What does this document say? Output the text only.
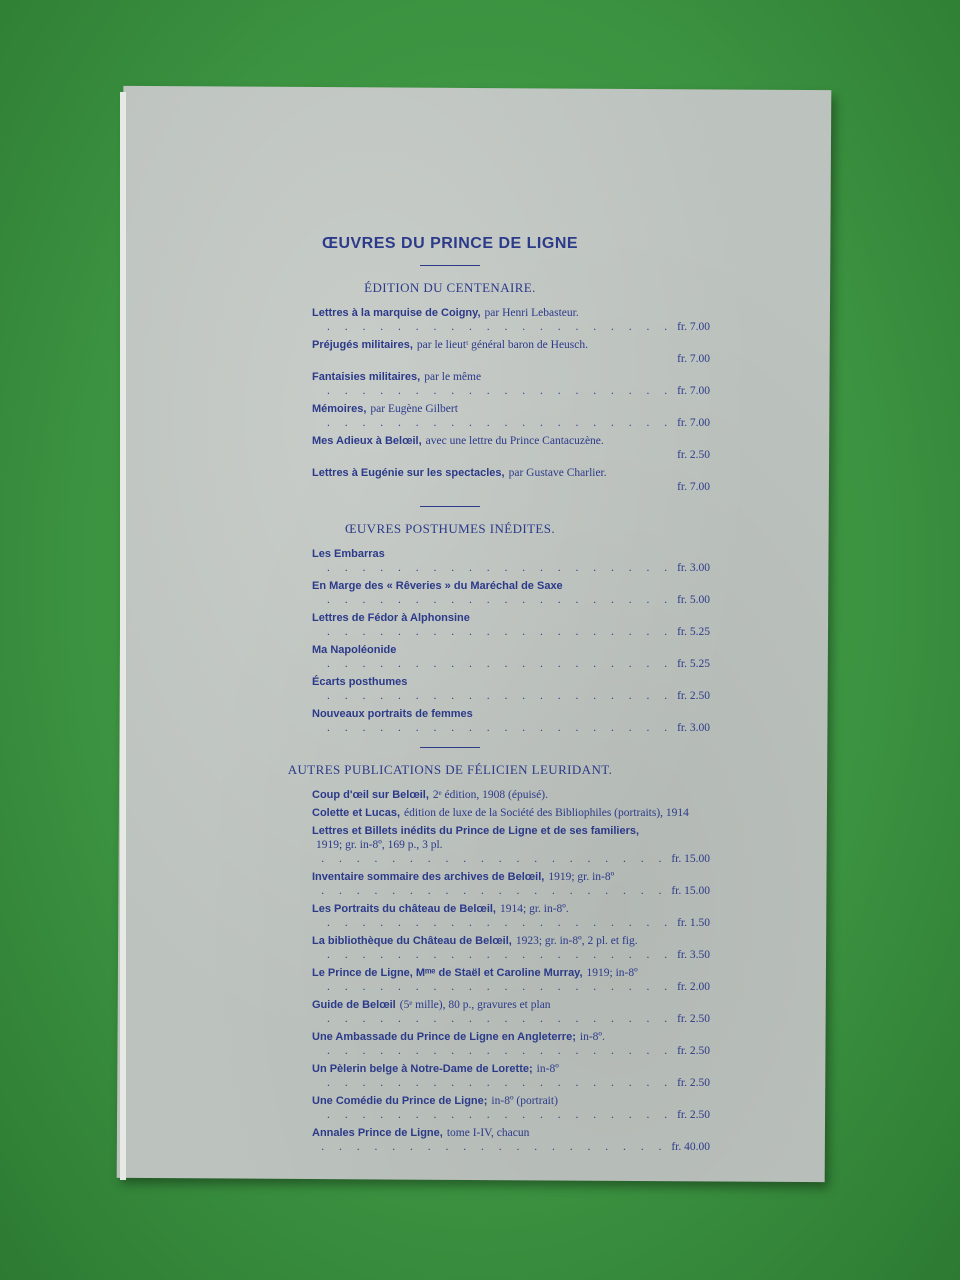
ŒUVRES DU PRINCE DE LIGNE
ÉDITION DU CENTENAIRE.
Lettres à la marquise de Coigny, par Henri Lebasteur.
. . . . . . . . . . . . . . . . . . . . fr. 7.00
Préjugés militaires, par le lieutᵗ général baron de Heusch.
fr. 7.00
Fantaisies militaires, par le même
. . . . . . . . . . . . . . . . . . . . fr. 7.00
Mémoires, par Eugène Gilbert
. . . . . . . . . . . . . . . . . . . . fr. 7.00
Mes Adieux à Belœil, avec une lettre du Prince Cantacuzène.
fr. 2.50
Lettres à Eugénie sur les spectacles, par Gustave Charlier.
fr. 7.00
ŒUVRES POSTHUMES INÉDITES.
Les Embarras
. . . . . . . . . . . . . . . . . . . . fr. 3.00
En Marge des « Rêveries » du Maréchal de Saxe
. . . . . . . . . . . . . . . . . . . . fr. 5.00
Lettres de Fédor à Alphonsine
. . . . . . . . . . . . . . . . . . . . fr. 5.25
Ma Napoléonide
. . . . . . . . . . . . . . . . . . . . fr. 5.25
Écarts posthumes
. . . . . . . . . . . . . . . . . . . . fr. 2.50
Nouveaux portraits de femmes
. . . . . . . . . . . . . . . . . . . . fr. 3.00
AUTRES PUBLICATIONS DE FÉLICIEN LEURIDANT.
Coup d'œil sur Belœil, 2ᵉ édition, 1908 (épuisé).
Colette et Lucas, édition de luxe de la Société des Bibliophiles (portraits), 1914
Lettres et Billets inédits du Prince de Ligne et de ses familiers,
1919; gr. in-8º, 169 p., 3 pl.
. . . . . . . . . . . . . . . . . . . . fr. 15.00
Inventaire sommaire des archives de Belœil, 1919; gr. in-8º
. . . . . . . . . . . . . . . . . . . . fr. 15.00
Les Portraits du château de Belœil, 1914; gr. in-8º.
. . . . . . . . . . . . . . . . . . . . fr. 1.50
La bibliothèque du Château de Belœil, 1923; gr. in-8º, 2 pl. et fig.
. . . . . . . . . . . . . . . . . . . . fr. 3.50
Le Prince de Ligne, Mᵐᵉ de Staël et Caroline Murray, 1919; in-8º
. . . . . . . . . . . . . . . . . . . . fr. 2.00
Guide de Belœil (5ᵉ mille), 80 p., gravures et plan
. . . . . . . . . . . . . . . . . . . . fr. 2.50
Une Ambassade du Prince de Ligne en Angleterre; in-8º.
. . . . . . . . . . . . . . . . . . . . fr. 2.50
Un Pèlerin belge à Notre-Dame de Lorette; in-8º
. . . . . . . . . . . . . . . . . . . . fr. 2.50
Une Comédie du Prince de Ligne; in-8º (portrait)
. . . . . . . . . . . . . . . . . . . . fr. 2.50
Annales Prince de Ligne, tome I-IV, chacun
. . . . . . . . . . . . . . . . . . . . fr. 40.00
